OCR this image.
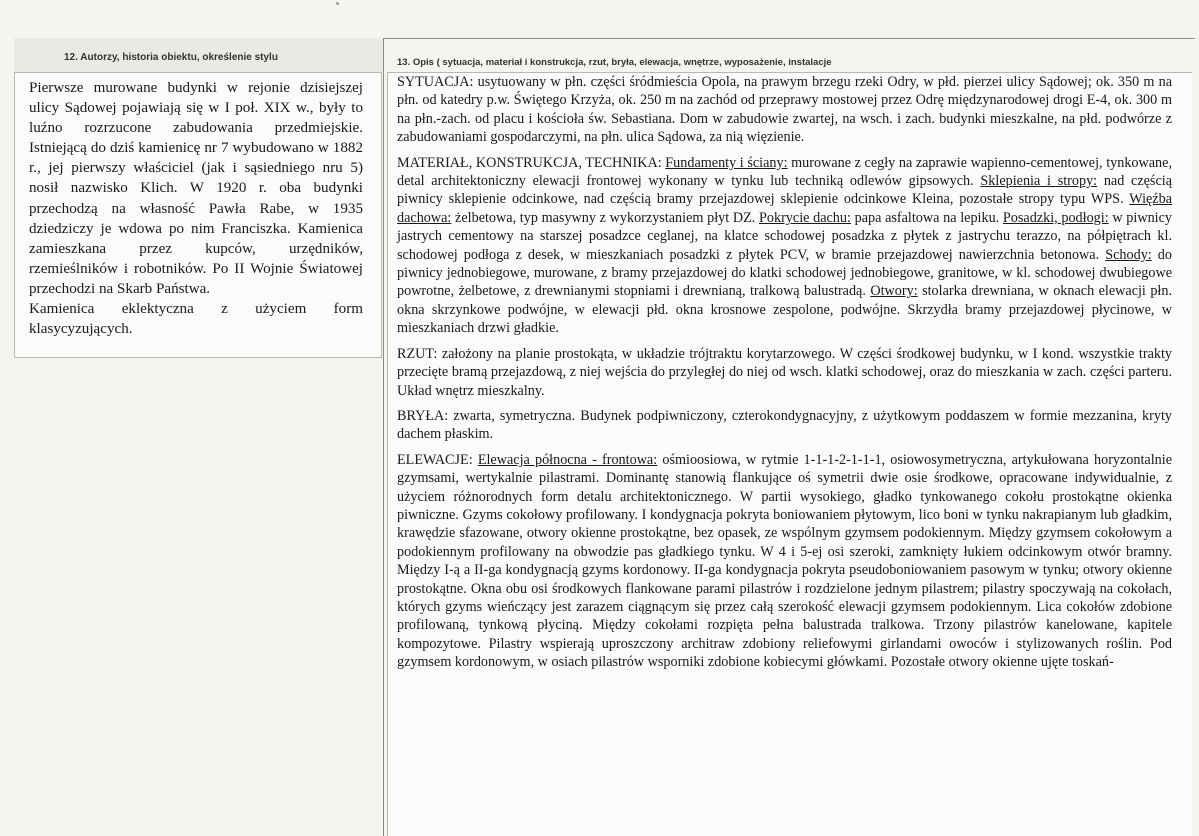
12. Autorzy, historia obiektu, określenie stylu

Pierwsze murowane budynki w rejonie dzisiejszej ulicy Sądowej pojawiają się w I poł. XIX w., były to luźno rozrzucone zabudowania przedmiejskie. Istniejącą do dziś kamienicę nr 7 wybudowano w 1882 r., jej pierwszy właściciel (jak i sąsiedniego nru 5) nosił nazwisko Klich. W 1920 r. oba budynki przechodzą na własność Pawła Rabe, w 1935 dziedziczy je wdowa po nim Franciszka. Kamienica zamieszkana przez kupców, urzędników, rzemieślników i robotników. Po II Wojnie Światowej przechodzi na Skarb Państwa.

Kamienica eklektyczna z użyciem form klasycyzujących.

13. Opis ( sytuacja, materiał i konstrukcja, rzut, bryła, elewacja, wnętrze, wyposażenie, instalacje

SYTUACJA: usytuowany w płn. części śródmieścia Opola, na prawym brzegu rzeki Odry, w płd. pierzei ulicy Sądowej; ok. 350 m na płn. od katedry p.w. Świętego Krzyża, ok. 250 m na zachód od przeprawy mostowej przez Odrę międzynarodowej drogi E-4, ok. 300 m na płn.-zach. od placu i kościoła św. Sebastiana. Dom w zabudowie zwartej, na wsch. i zach. budynki mieszkalne, na płd. podwórze z zabudowaniami gospodarczymi, na płn. ulica Sądowa, za nią więzienie.

MATERIAŁ, KONSTRUKCJA, TECHNIKA: Fundamenty i ściany: murowane z cegły na zaprawie wapienno-cementowej, tynkowane, detal architektoniczny elewacji frontowej wykonany w tynku lub techniką odlewów gipsowych. Sklepienia i stropy: nad częścią piwnicy sklepienie odcinkowe, nad częścią bramy przejazdowej sklepienie odcinkowe Kleina, pozostałe stropy typu WPS. Więźba dachowa: żelbetowa, typ masywny z wykorzystaniem płyt DZ. Pokrycie dachu: papa asfaltowa na lepiku. Posadzki, podłogi: w piwnicy jastrych cementowy na starszej posadzce ceglanej, na klatce schodowej posadzka z płytek z jastrychu terazzo, na półpiętrach kl. schodowej podłoga z desek, w mieszkaniach posadzki z płytek PCV, w bramie przejazdowej nawierzchnia betonowa. Schody: do piwnicy jednobiegowe, murowane, z bramy przejazdowej do klatki schodowej jednobiegowe, granitowe, w kl. schodowej dwubiegowe powrotne, żelbetowe, z drewnianymi stopniami i drewnianą, tralkową balustradą. Otwory: stolarka drewniana, w oknach elewacji płn. okna skrzynkowe podwójne, w elewacji płd. okna krosnowe zespolone, podwójne. Skrzydła bramy przejazdowej płycinowe, w mieszkaniach drzwi gładkie.

RZUT: założony na planie prostokąta, w układzie trójtraktu korytarzowego. W części środkowej budynku, w I kond. wszystkie trakty przecięte bramą przejazdową, z niej wejścia do przyległej do niej od wsch. klatki schodowej, oraz do mieszkania w zach. części parteru. Układ wnętrz mieszkalny.

BRYŁA: zwarta, symetryczna. Budynek podpiwniczony, czterokondygnacyjny, z użytkowym poddaszem w formie mezzanina, kryty dachem płaskim.

ELEWACJE: Elewacja północna - frontowa: ośmioosiowa, w rytmie 1-1-1-2-1-1-1, osiowosymetryczna, artykułowana horyzontalnie gzymsami, wertykalnie pilastrami. Dominantę stanowią flankujące oś symetrii dwie osie środkowe, opracowane indywidualnie, z użyciem różnorodnych form detalu architektonicznego. W partii wysokiego, gładko tynkowanego cokołu prostokątne okienka piwniczne. Gzyms cokołowy profilowany. I kondygnacja pokryta boniowaniem płytowym, lico boni w tynku nakrapianym lub gładkim, krawędzie sfazowane, otwory okienne prostokątne, bez opasek, ze wspólnym gzymsem podokiennym. Między gzymsem cokołowym a podokiennym profilowany na obwodzie pas gładkiego tynku. W 4 i 5-ej osi szeroki, zamknięty łukiem odcinkowym otwór bramny. Między I-ą a II-ga kondygnacją gzyms kordonowy. II-ga kondygnacja pokryta pseudoboniowaniem pasowym w tynku; otwory okienne prostokątne. Okna obu osi środkowych flankowane parami pilastrów i rozdzielone jednym pilastrem; pilastry spoczywają na cokołach, których gzyms wieńczący jest zarazem ciągnącym się przez całą szerokość elewacji gzymsem podokiennym. Lica cokołów zdobione profilowaną, tynkową płyciną. Między cokołami rozpięta pełna balustrada tralkowa. Trzony pilastrów kanelowane, kapitele kompozytowe. Pilastry wspierają uproszczony architraw zdobiony reliefowymi girlandami owoców i stylizowanych roślin. Pod gzymsem kordonowym, w osiach pilastrów wsporniki zdobione kobiecymi główkami. Pozostałe otwory okienne ujęte toskań-
